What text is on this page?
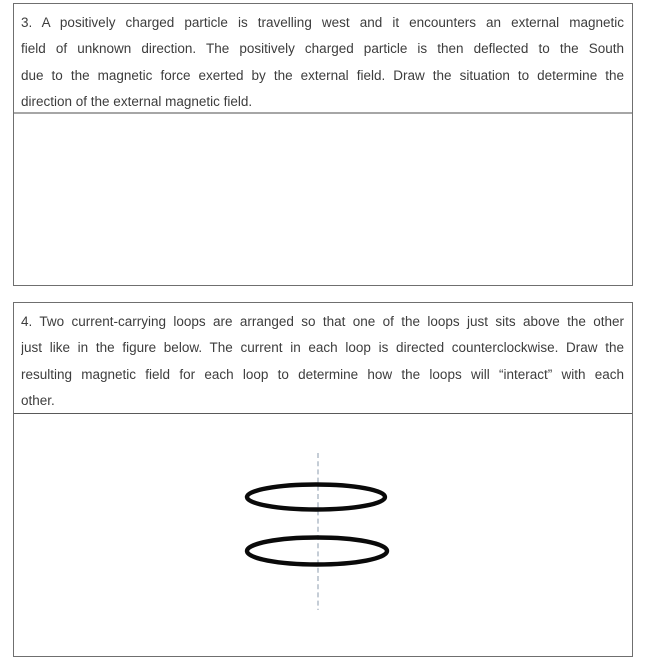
3. A positively charged particle is travelling west and it encounters an external magnetic
field of unknown direction. The positively charged particle is then deflected to the South
due to the magnetic force exerted by the external field. Draw the situation to determine the
direction of the external magnetic field.
4. Two current-carrying loops are arranged so that one of the loops just sits above the other
just like in the figure below. The current in each loop is directed counterclockwise. Draw the
resulting magnetic field for each loop to determine how the loops will “interact” with each
other.
